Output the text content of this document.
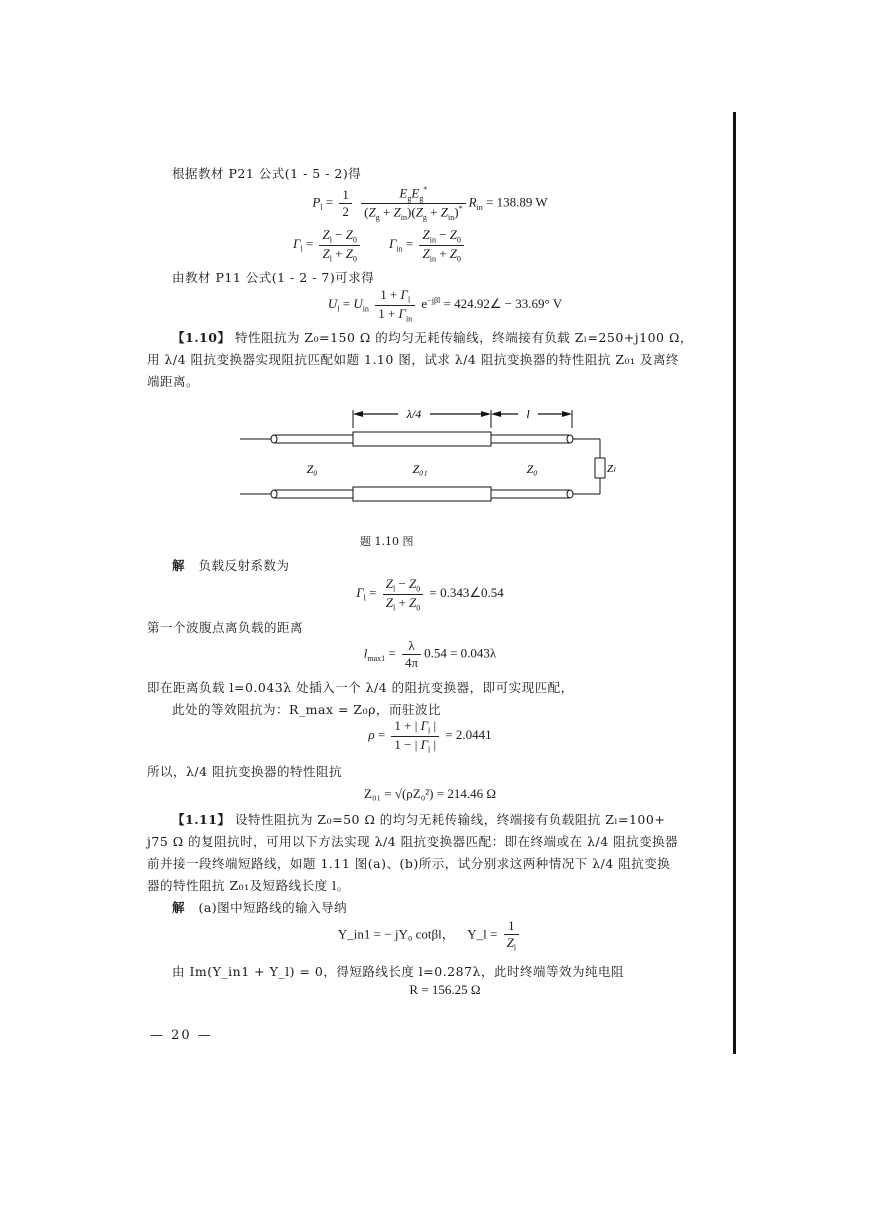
根据教材 P21 公式(1 - 5 - 2)得
$P_l = \frac{1}{2}$
$\frac{E_gE_g^*}{(Z_g + Z_{in})(Z_g + Z_{in})^*} R_{in} = 138.89$ W
$\Gamma_l = \frac{Z_l - Z_0}{Z_l + Z_0} \Gamma_{in} = \frac{Z_{in} - Z_0}{Z_{in} + Z_0}$
由教材 P11 公式(1 - 2 - 7)可求得
$U_l = U_{in} \frac{1 + \Gamma_l}{1 + \Gamma_{in}} e^{-j\beta l}$ = 424.92∠ − 33.69° V
【1.10】 特性阻抗为 Z₀=150 Ω 的均匀无耗传输线，终端接有负载 Zₗ=250+j100 Ω，
用 λ/4 阻抗变换器实现阻抗匹配如题 1.10 图，试求 λ/4 阻抗变换器的特性阻抗 Z₀₁ 及离终
端距离。
λ/4	l
Z₀	Z₀₁	Z₀	Zₗ
题 1.10 图
解 负载反射系数为
$\Gamma_l = \frac{Z_l - Z_0}{Z_l + Z_0}$ = 0.343∠0.54
第一个波腹点离负载的距离
$l_{max1} = \frac{\lambda}{4\pi} 0.54 = 0.043\lambda$
即在距离负载 l=0.043λ 处插入一个 λ/4 的阻抗变换器，即可实现匹配，
此处的等效阻抗为：R_max = Z₀ρ，而驻波比
$\rho = \frac{1 + | \Gamma_l |}{1 - | \Gamma_l |} = 2.0441$
所以，λ/4 阻抗变换器的特性阻抗
Z₀₁ = √(ρZ₀²) = 214.46 Ω
【1.11】 设特性阻抗为 Z₀=50 Ω 的均匀无耗传输线，终端接有负载阻抗 Zₗ=100+
j75 Ω 的复阻抗时，可用以下方法实现 λ/4 阻抗变换器匹配：即在终端或在 λ/4 阻抗变换器
前并接一段终端短路线，如题 1.11 图(a)、(b)所示，试分别求这两种情况下 λ/4 阻抗变换
器的特性阻抗 Z₀₁及短路线长度 l。
解 (a)图中短路线的输入导纳
Y_in1 = − jY₀ cotβl， Y_l = $\frac{1}{Z_l}$
由 Im(Y_in1 + Y_l) = 0，得短路线长度 l=0.287λ，此时终端等效为纯电阻
R = 156.25 Ω
— 20 —
